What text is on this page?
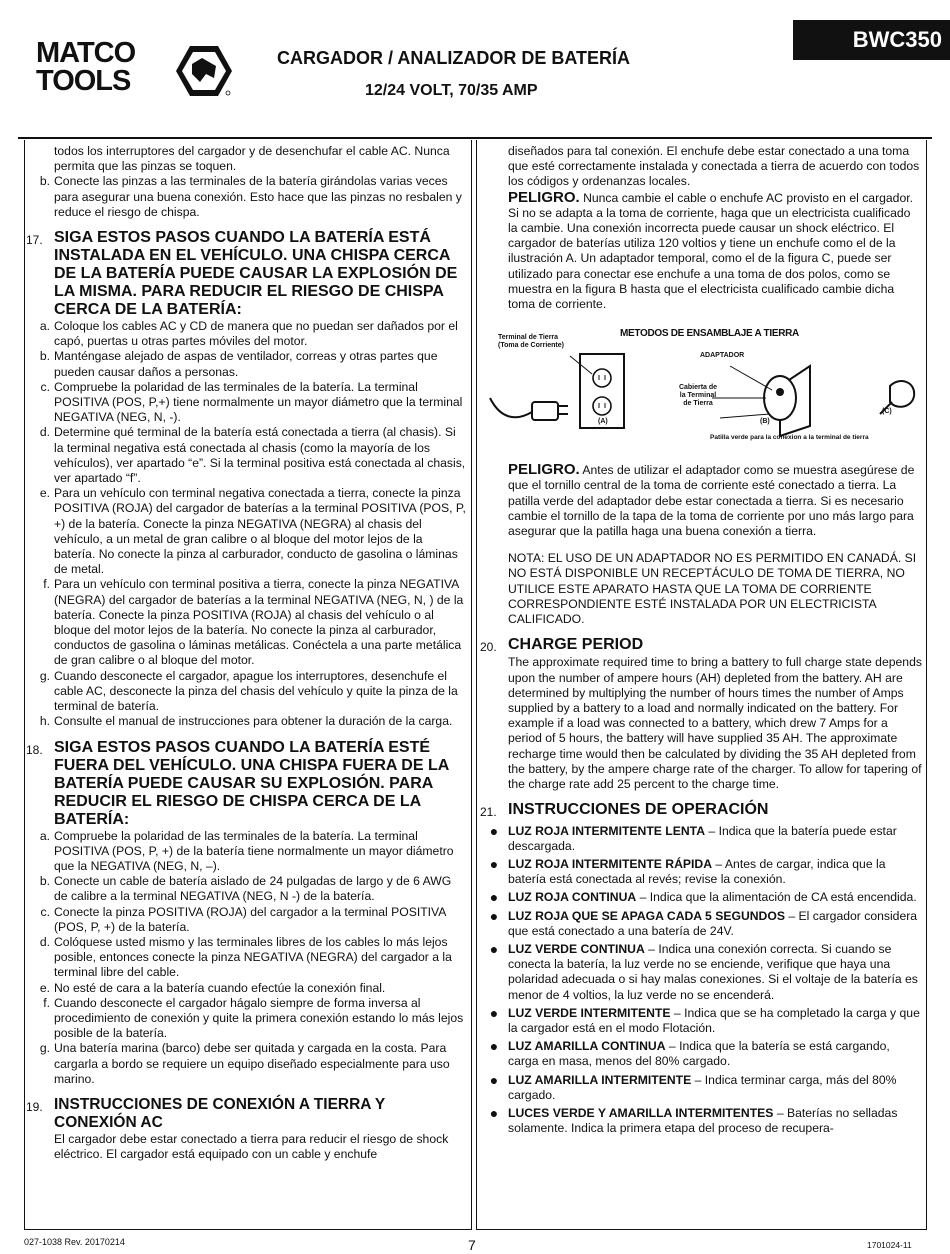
MATCO
TOOLS
CARGADOR / ANALIZADOR DE BATERÍA
12/24 VOLT, 70/35 AMP
BWC350

todos los interruptores del cargador y de desenchufar el cable AC. Nunca permita que las pinzas se toquen.

b. Conecte las pinzas a las terminales de la batería girándolas varias veces para asegurar una buena conexión. Esto hace que las pinzas no resbalen y reduce el riesgo de chispa.
17. SIGA ESTOS PASOS CUANDO LA BATERÍA ESTÁ INSTALADA EN EL VEHÍCULO. UNA CHISPA CERCA DE LA BATERÍA PUEDE CAUSAR LA EXPLOSIÓN DE LA MISMA. PARA REDUCIR EL RIESGO DE CHISPA CERCA DE LA BATERÍA:
a. Coloque los cables AC y CD de manera que no puedan ser dañados por el capó, puertas u otras partes móviles del motor.
b. Manténgase alejado de aspas de ventilador, correas y otras partes que pueden causar daños a personas.
c. Compruebe la polaridad de las terminales de la batería. La terminal POSITIVA (POS, P,+) tiene normalmente un mayor diámetro que la terminal NEGATIVA (NEG, N, -).
d. Determine qué terminal de la batería está conectada a tierra (al chasis). Si la terminal negativa está conectada al chasis (como la mayoría de los vehículos), ver apartado “e”. Si la terminal positiva está conectada al chasis, ver apartado “f”.
e. Para un vehículo con terminal negativa conectada a tierra, conecte la pinza POSITIVA (ROJA) del cargador de baterías a la terminal POSITIVA (POS, P, +) de la batería. Conecte la pinza NEGATIVA (NEGRA) al chasis del vehículo, a un metal de gran calibre o al bloque del motor lejos de la batería. No conecte la pinza al carburador, conducto de gasolina o láminas de metal.
f. Para un vehículo con terminal positiva a tierra, conecte la pinza NEGATIVA (NEGRA) del cargador de baterías a la terminal NEGATIVA (NEG, N, ) de la batería. Conecte la pinza POSITIVA (ROJA) al chasis del vehículo o al bloque del motor lejos de la batería. No conecte la pinza al carburador, conductos de gasolina o láminas metálicas. Conéctela a una parte metálica de gran calibre o al bloque del motor.
g. Cuando desconecte el cargador, apague los interruptores, desenchufe el cable AC, desconecte la pinza del chasis del vehículo y quite la pinza de la terminal de batería.
h. Consulte el manual de instrucciones para obtener la duración de la carga.
18. SIGA ESTOS PASOS CUANDO LA BATERÍA ESTÉ FUERA DEL VEHÍCULO. UNA CHISPA FUERA DE LA BATERÍA PUEDE CAUSAR SU EXPLOSIÓN. PARA REDUCIR EL RIESGO DE CHISPA CERCA DE LA BATERÍA:
a. Compruebe la polaridad de las terminales de la batería. La terminal POSITIVA (POS, P, +) de la batería tiene normalmente un mayor diámetro que la NEGATIVA (NEG, N, –).
b. Conecte un cable de batería aislado de 24 pulgadas de largo y de 6 AWG de calibre a la terminal NEGATIVA (NEG, N -) de la batería.
c. Conecte la pinza POSITIVA (ROJA) del cargador a la terminal POSITIVA (POS, P, +) de la batería.
d. Colóquese usted mismo y las terminales libres de los cables lo más lejos posible, entonces conecte la pinza NEGATIVA (NEGRA) del cargador a la terminal libre del cable.
e. No esté de cara a la batería cuando efectúe la conexión final.
f. Cuando desconecte el cargador hágalo siempre de forma inversa al procedimiento de conexión y quite la primera conexión estando lo más lejos posible de la batería.
g. Una batería marina (barco) debe ser quitada y cargada en la costa. Para cargarla a bordo se requiere un equipo diseñado especialmente para uso marino.
19. INSTRUCCIONES DE CONEXIÓN A TIERRA Y CONEXIÓN AC

El cargador debe estar conectado a tierra para reducir el riesgo de shock eléctrico. El cargador está equipado con un cable y enchufe

diseñados para tal conexión. El enchufe debe estar conectado a una toma que esté correctamente instalada y conectada a tierra de acuerdo con todos los códigos y ordenanzas locales.

PELIGRO. Nunca cambie el cable o enchufe AC provisto en el cargador. Si no se adapta a la toma de corriente, haga que un electricista cualificado la cambie. Una conexión incorrecta puede causar un shock eléctrico. El cargador de baterías utiliza 120 voltios y tiene un enchufe como el de la ilustración A. Un adaptador temporal, como el de la figura C, puede ser utilizado para conectar ese enchufe a una toma de dos polos, como se muestra en la figura B hasta que el electricista cualificado cambie dicha toma de corriente.

METODOS DE ENSAMBLAJE A TIERRA
Terminal de Tierra (Toma de Corriente)
ADAPTADOR
Cabierta de la Terminal de Tierra
(A)	(B)
(C)
Patilla verde para la conexion a la terminal de tierra

PELIGRO. Antes de utilizar el adaptador como se muestra asegúrese de que el tornillo central de la toma de corriente esté conectado a tierra. La patilla verde del adaptador debe estar conectada a tierra. Si es necesario cambie el tornillo de la tapa de la toma de corriente por uno más largo para asegurar que la patilla haga una buena conexión a tierra.

NOTA: EL USO DE UN ADAPTADOR NO ES PERMITIDO EN CANADÁ. SI NO ESTÁ DISPONIBLE UN RECEPTÁCULO DE TOMA DE TIERRA, NO UTILICE ESTE APARATO HASTA QUE LA TOMA DE CORRIENTE CORRESPONDIENTE ESTÉ INSTALADA POR UN ELECTRICISTA CALIFICADO.

20. CHARGE PERIOD

The approximate required time to bring a battery to full charge state depends upon the number of ampere hours (AH) depleted from the battery. AH are determined by multiplying the number of hours times the number of Amps supplied by a battery to a load and normally indicated on the battery. For example if a load was connected to a battery, which drew 7 Amps for a period of 5 hours, the battery will have supplied 35 AH. The approximate recharge time would then be calculated by dividing the 35 AH depleted from the battery, by the ampere charge rate of the charger. To allow for tapering of the charge rate add 25 percent to the charge time.

21. INSTRUCCIONES DE OPERACIÓN
● LUZ ROJA INTERMITENTE LENTA – Indica que la batería puede estar descargada.
● LUZ ROJA INTERMITENTE RÁPIDA – Antes de cargar, indica que la batería está conectada al revés; revise la conexión.
● LUZ ROJA CONTINUA – Indica que la alimentación de CA está encendida.
● LUZ ROJA QUE SE APAGA CADA 5 SEGUNDOS – El cargador considera que está conectado a una batería de 24V.
● LUZ VERDE CONTINUA – Indica una conexión correcta. Si cuando se conecta la batería, la luz verde no se enciende, verifique que haya una polaridad adecuada o si hay malas conexiones. Si el voltaje de la batería es menor de 4 voltios, la luz verde no se encenderá.
● LUZ VERDE INTERMITENTE – Indica que se ha completado la carga y que la cargador está en el modo Flotación.
● LUZ AMARILLA CONTINUA – Indica que la batería se está cargando, carga en masa, menos del 80% cargado.
● LUZ AMARILLA INTERMITENTE – Indica terminar carga, más del 80% cargado.
● LUCES VERDE Y AMARILLA INTERMITENTES – Baterías no selladas solamente. Indica la primera etapa del proceso de recupera-
027-1038 Rev. 20170214	7	1701024-11
